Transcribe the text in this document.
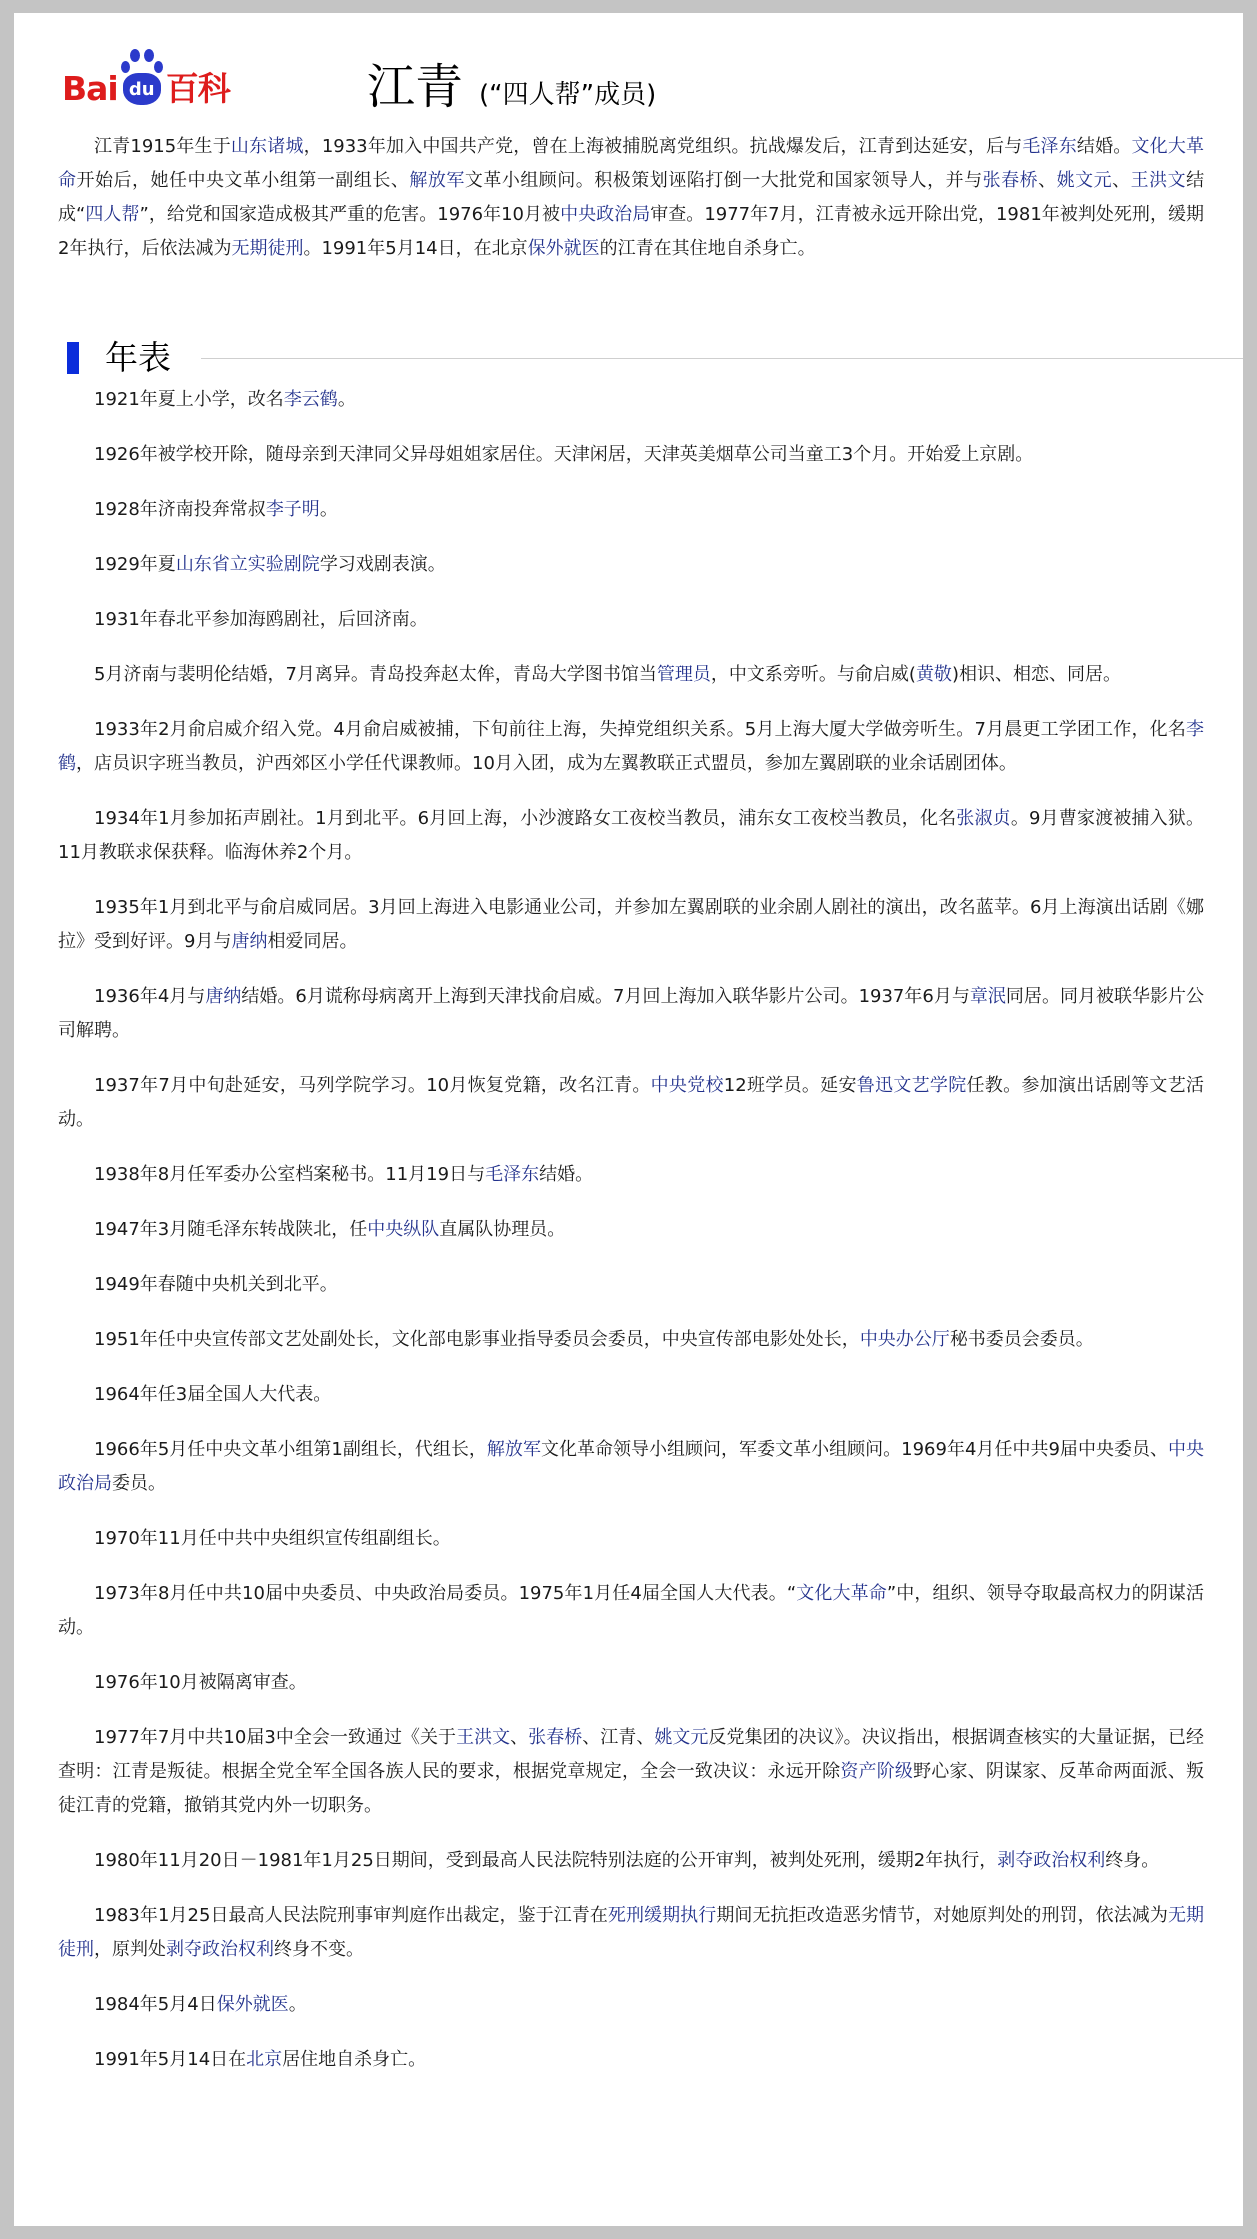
Bai du 百科	江青 (“四人帮”成员)

江青1915年生于山东诸城，1933年加入中国共产党，曾在上海被捕脱离党组织。抗战爆发后，江青到达延安，后与毛泽东结婚。文化大革命开始后，她任中央文革小组第一副组长、解放军文革小组顾问。积极策划诬陷打倒一大批党和国家领导人，并与张春桥、姚文元、王洪文结成“四人帮”，给党和国家造成极其严重的危害。1976年10月被中央政治局审查。1977年7月，江青被永远开除出党，1981年被判处死刑，缓期2年执行，后依法减为无期徒刑。1991年5月14日，在北京保外就医的江青在其住地自杀身亡。

年表

1921年夏上小学，改名李云鹤。

1926年被学校开除，随母亲到天津同父异母姐姐家居住。天津闲居，天津英美烟草公司当童工3个月。开始爱上京剧。

1928年济南投奔常叔李子明。

1929年夏山东省立实验剧院学习戏剧表演。

1931年春北平参加海鸥剧社，后回济南。

5月济南与裴明伦结婚，7月离异。青岛投奔赵太侔，青岛大学图书馆当管理员，中文系旁听。与俞启威(黄敬)相识、相恋、同居。

1933年2月俞启威介绍入党。4月俞启威被捕，下旬前往上海，失掉党组织关系。5月上海大厦大学做旁听生。7月晨更工学团工作，化名李鹤，店员识字班当教员，沪西郊区小学任代课教师。10月入团，成为左翼教联正式盟员，参加左翼剧联的业余话剧团体。

1934年1月参加拓声剧社。1月到北平。6月回上海，小沙渡路女工夜校当教员，浦东女工夜校当教员，化名张淑贞。9月曹家渡被捕入狱。11月教联求保获释。临海休养2个月。

1935年1月到北平与俞启威同居。3月回上海进入电影通业公司，并参加左翼剧联的业余剧人剧社的演出，改名蓝苹。6月上海演出话剧《娜拉》受到好评。9月与唐纳相爱同居。

1936年4月与唐纳结婚。6月谎称母病离开上海到天津找俞启威。7月回上海加入联华影片公司。1937年6月与章泯同居。同月被联华影片公司解聘。

1937年7月中旬赴延安，马列学院学习。10月恢复党籍，改名江青。中央党校12班学员。延安鲁迅文艺学院任教。参加演出话剧等文艺活动。

1938年8月任军委办公室档案秘书。11月19日与毛泽东结婚。

1947年3月随毛泽东转战陕北，任中央纵队直属队协理员。

1949年春随中央机关到北平。

1951年任中央宣传部文艺处副处长，文化部电影事业指导委员会委员，中央宣传部电影处处长，中央办公厅秘书委员会委员。

1964年任3届全国人大代表。

1966年5月任中央文革小组第1副组长，代组长，解放军文化革命领导小组顾问，军委文革小组顾问。1969年4月任中共9届中央委员、中央政治局委员。

1970年11月任中共中央组织宣传组副组长。

1973年8月任中共10届中央委员、中央政治局委员。1975年1月任4届全国人大代表。“文化大革命”中，组织、领导夺取最高权力的阴谋活动。

1976年10月被隔离审查。

1977年7月中共10届3中全会一致通过《关于王洪文、张春桥、江青、姚文元反党集团的决议》。决议指出，根据调查核实的大量证据，已经查明：江青是叛徒。根据全党全军全国各族人民的要求，根据党章规定，全会一致决议：永远开除资产阶级野心家、阴谋家、反革命两面派、叛徒江青的党籍，撤销其党内外一切职务。

1980年11月20日－1981年1月25日期间，受到最高人民法院特别法庭的公开审判，被判处死刑，缓期2年执行，剥夺政治权利终身。

1983年1月25日最高人民法院刑事审判庭作出裁定，鉴于江青在死刑缓期执行期间无抗拒改造恶劣情节，对她原判处的刑罚，依法减为无期徒刑，原判处剥夺政治权利终身不变。

1984年5月4日保外就医。

1991年5月14日在北京居住地自杀身亡。
